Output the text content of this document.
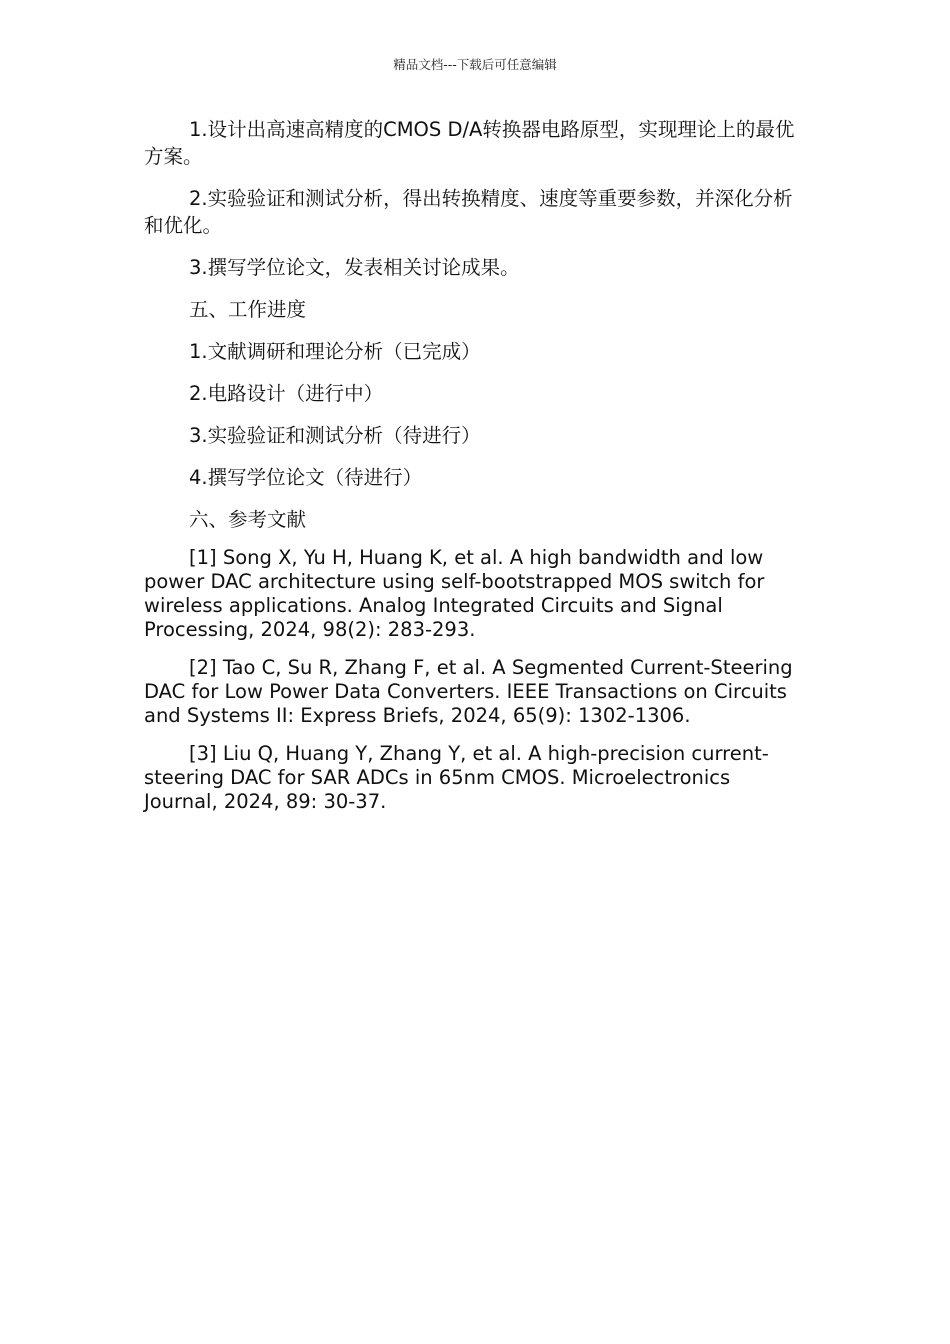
精品文档---下载后可任意编辑

1.设计出高速高精度的CMOS D/A转换器电路原型，实现理论上的最优方案。

2.实验验证和测试分析，得出转换精度、速度等重要参数，并深化分析和优化。

3.撰写学位论文，发表相关讨论成果。

五、工作进度

1.文献调研和理论分析（已完成）

2.电路设计（进行中）

3.实验验证和测试分析（待进行）

4.撰写学位论文（待进行）

六、参考文献

[1] Song X, Yu H, Huang K, et al. A high bandwidth and low power DAC architecture using self-bootstrapped MOS switch for wireless applications. Analog Integrated Circuits and Signal Processing, 2024, 98(2): 283-293.

[2] Tao C, Su R, Zhang F, et al. A Segmented Current-Steering DAC for Low Power Data Converters. IEEE Transactions on Circuits and Systems II: Express Briefs, 2024, 65(9): 1302-1306.

[3] Liu Q, Huang Y, Zhang Y, et al. A high-precision current-steering DAC for SAR ADCs in 65nm CMOS. Microelectronics Journal, 2024, 89: 30-37.
